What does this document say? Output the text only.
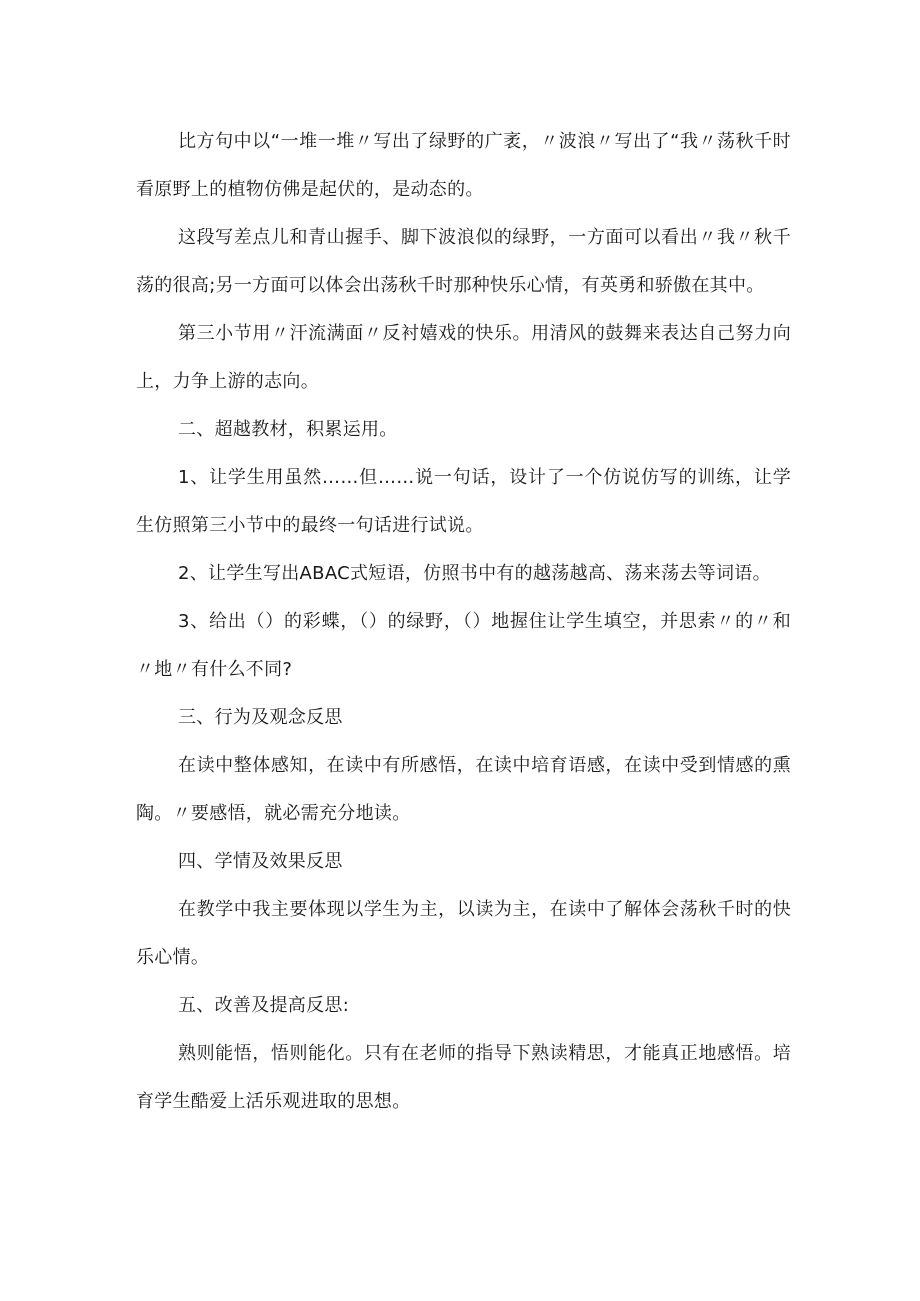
比方句中以“一堆一堆〃写出了绿野的广袤，〃波浪〃写出了“我〃荡秋千时看原野上的植物仿佛是起伏的，是动态的。

这段写差点儿和青山握手、脚下波浪似的绿野，一方面可以看出〃我〃秋千荡的很高;另一方面可以体会出荡秋千时那种快乐心情，有英勇和骄傲在其中。

第三小节用〃汗流满面〃反衬嬉戏的快乐。用清风的鼓舞来表达自己努力向上，力争上游的志向。

二、超越教材，积累运用。

1、让学生用虽然……但……说一句话，设计了一个仿说仿写的训练，让学生仿照第三小节中的最终一句话进行试说。

2、让学生写出ABAC式短语，仿照书中有的越荡越高、荡来荡去等词语。

3、给出（）的彩蝶，（）的绿野，（）地握住让学生填空，并思索〃的〃和〃地〃有什么不同?

三、行为及观念反思

在读中整体感知，在读中有所感悟，在读中培育语感，在读中受到情感的熏陶。〃要感悟，就必需充分地读。

四、学情及效果反思

在教学中我主要体现以学生为主，以读为主，在读中了解体会荡秋千时的快乐心情。

五、改善及提高反思:

熟则能悟，悟则能化。只有在老师的指导下熟读精思，才能真正地感悟。培育学生酷爱上活乐观进取的思想。
